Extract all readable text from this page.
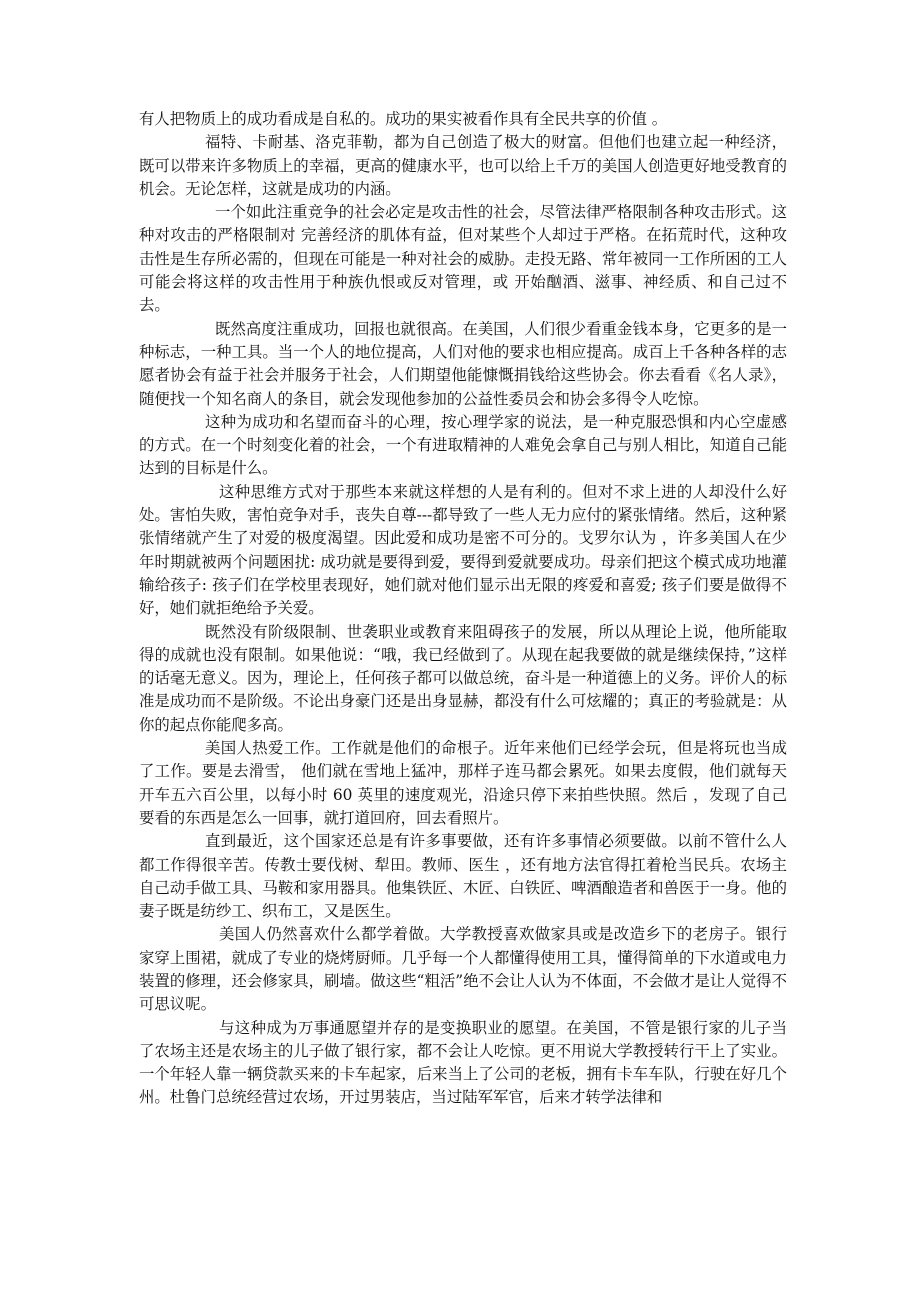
有人把物质上的成功看成是自私的。成功的果实被看作具有全民共享的价值 。

福特、卡耐基、洛克菲勒，都为自己创造了极大的财富。但他们也建立起一种经济，既可以带来许多物质上的幸福，更高的健康水平，也可以给上千万的美国人创造更好地受教育的机会。无论怎样，这就是成功的内涵。

一个如此注重竞争的社会必定是攻击性的社会，尽管法律严格限制各种攻击形式。这种对攻击的严格限制对 完善经济的肌体有益，但对某些个人却过于严格。在拓荒时代，这种攻击性是生存所必需的，但现在可能是一种对社会的威胁。走投无路、常年被同一工作所困的工人可能会将这样的攻击性用于种族仇恨或反对管理，或 开始酗酒、滋事、神经质、和自己过不去。

既然高度注重成功，回报也就很高。在美国，人们很少看重金钱本身，它更多的是一种标志，一种工具。当一个人的地位提高，人们对他的要求也相应提高。成百上千各种各样的志愿者协会有益于社会并服务于社会，人们期望他能慷慨捐钱给这些协会。你去看看《名人录》，随便找一个知名商人的条目，就会发现他参加的公益性委员会和协会多得令人吃惊。

这种为成功和名望而奋斗的心理，按心理学家的说法，是一种克服恐惧和内心空虚感的方式。在一个时刻变化着的社会，一个有进取精神的人难免会拿自己与别人相比，知道自己能达到的目标是什么。

这种思维方式对于那些本来就这样想的人是有利的。但对不求上进的人却没什么好处。害怕失败，害怕竞争对手，丧失自尊---都导致了一些人无力应付的紧张情绪。然后，这种紧张情绪就产生了对爱的极度渴望。因此爱和成功是密不可分的。戈罗尔认为 ，许多美国人在少年时期就被两个问题困扰: 成功就是要得到爱，要得到爱就要成功。母亲们把这个模式成功地灌输给孩子: 孩子们在学校里表现好，她们就对他们显示出无限的疼爱和喜爱; 孩子们要是做得不好，她们就拒绝给予关爱。

既然没有阶级限制、世袭职业或教育来阻碍孩子的发展，所以从理论上说，他所能取得的成就也没有限制。如果他说：“哦，我已经做到了。从现在起我要做的就是继续保持，”这样的话毫无意义。因为，理论上，任何孩子都可以做总统，奋斗是一种道德上的义务。评价人的标准是成功而不是阶级。不论出身豪门还是出身显赫，都没有什么可炫耀的；真正的考验就是：从你的起点你能爬多高。

美国人热爱工作。工作就是他们的命根子。近年来他们已经学会玩，但是将玩也当成了工作。要是去滑雪， 他们就在雪地上猛冲，那样子连马都会累死。如果去度假，他们就每天开车五六百公里，以每小时 60 英里的速度观光，沿途只停下来拍些快照。然后 ，发现了自己要看的东西是怎么一回事，就打道回府，回去看照片。

直到最近，这个国家还总是有许多事要做，还有许多事情必须要做。以前不管什么人都工作得很辛苦。传教士要伐树、犁田。教师、医生 ，还有地方法官得扛着枪当民兵。农场主自己动手做工具、马鞍和家用器具。他集铁匠、木匠、白铁匠、啤酒酿造者和兽医于一身。他的妻子既是纺纱工、织布工，又是医生。

美国人仍然喜欢什么都学着做。大学教授喜欢做家具或是改造乡下的老房子。银行家穿上围裙，就成了专业的烧烤厨师。几乎每一个人都懂得使用工具，懂得简单的下水道或电力装置的修理，还会修家具，刷墙。做这些“粗活”绝不会让人认为不体面，不会做才是让人觉得不可思议呢。

与这种成为万事通愿望并存的是变换职业的愿望。在美国，不管是银行家的儿子当了农场主还是农场主的儿子做了银行家，都不会让人吃惊。更不用说大学教授转行干上了实业。 一个年轻人靠一辆贷款买来的卡车起家，后来当上了公司的老板，拥有卡车车队，行驶在好几个州。杜鲁门总统经营过农场，开过男装店，当过陆军军官，后来才转学法律和
